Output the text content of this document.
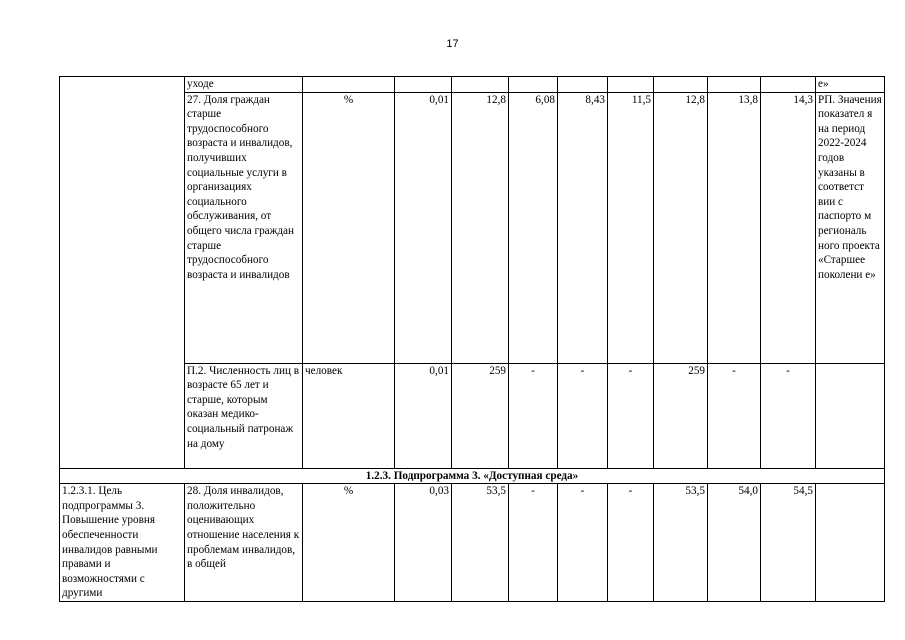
17
	уходе										е»
	27. Доля граждан старше трудоспособного возраста и инвалидов, получивших социальные услуги в организациях социального обслуживания, от общего числа граждан старше трудоспособного возраста и инвалидов	%	0,01	12,8	6,08	8,43	11,5	12,8	13,8	14,3	РП. Значения показател я на период 2022-2024 годов указаны в соответст вии с паспорто м региональ ного проекта «Старшее поколени е»
	П.2. Численность лиц в возрасте 65 лет и старше, которым оказан медико-социальный патронаж на дому	человек	0,01	259	-	-	-	259	-	-	
1.2.3. Подпрограмма 3. «Доступная среда»											
1.2.3.1. Цель подпрограммы 3. Повышение уровня обеспеченности инвалидов равными правами и возможностями с другими	28. Доля инвалидов, положительно оценивающих отношение населения к проблемам инвалидов, в общей	%	0,03	53,5	-	-	-	53,5	54,0	54,5	
